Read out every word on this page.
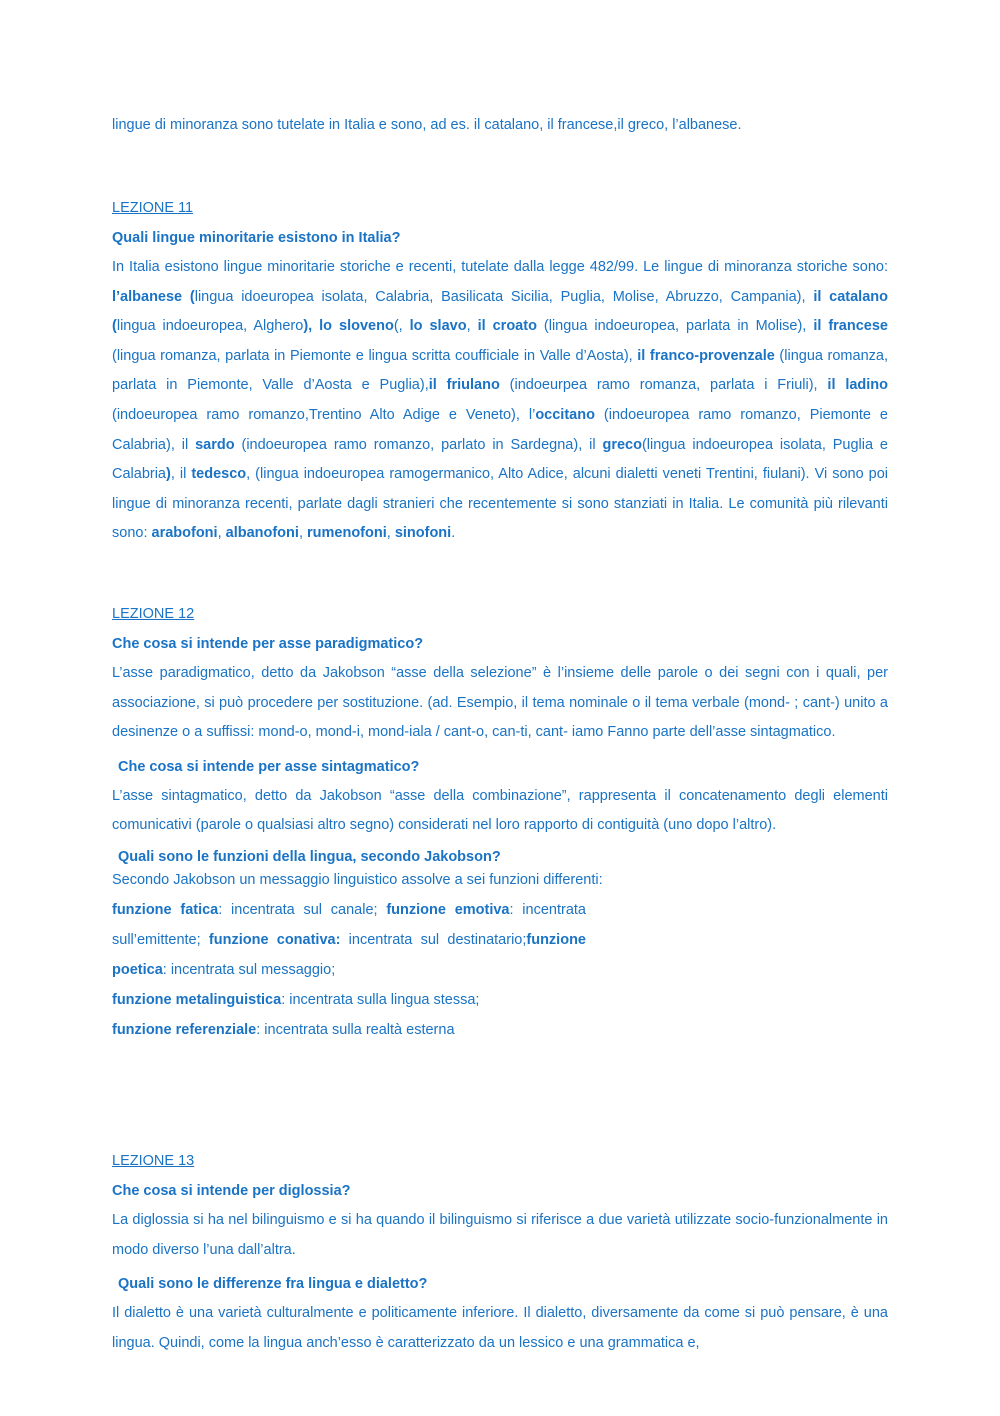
lingue di minoranza sono tutelate in Italia e sono, ad es. il catalano, il francese,il greco, l’albanese.

LEZIONE 11

Quali lingue minoritarie esistono in Italia?

In Italia esistono lingue minoritarie storiche e recenti, tutelate dalla legge 482/99. Le lingue di minoranza storiche sono: l’albanese (lingua idoeuropea isolata, Calabria, Basilicata Sicilia, Puglia, Molise, Abruzzo, Campania), il catalano (lingua indoeuropea, Alghero), lo sloveno(, lo slavo, il croato (lingua indoeuropea, parlata in Molise), il francese (lingua romanza, parlata in Piemonte e lingua scritta coufficiale in Valle d’Aosta), il franco-provenzale (lingua romanza, parlata in Piemonte, Valle d’Aosta e Puglia),il friulano (indoeurpea ramo romanza, parlata i Friuli), il ladino (indoeuropea ramo romanzo,Trentino Alto Adige e Veneto), l’occitano (indoeuropea ramo romanzo, Piemonte e Calabria), il sardo (indoeuropea ramo romanzo, parlato in Sardegna), il greco(lingua indoeuropea isolata, Puglia e Calabria), il tedesco, (lingua indoeuropea ramogermanico, Alto Adice, alcuni dialetti veneti Trentini, fiulani). Vi sono poi lingue di minoranza recenti, parlate dagli stranieri che recentemente si sono stanziati in Italia. Le comunità più rilevanti sono: arabofoni, albanofoni, rumenofoni, sinofoni.

LEZIONE 12

Che cosa si intende per asse paradigmatico?

L’asse paradigmatico, detto da Jakobson “asse della selezione” è l’insieme delle parole o dei segni con i quali, per associazione, si può procedere per sostituzione. (ad. Esempio, il tema nominale o il tema verbale (mond- ; cant-) unito a desinenze o a suffissi: mond-o, mond-i, mond-iala / cant-o, can-ti, cant- iamo Fanno parte dell’asse sintagmatico.

Che cosa si intende per asse sintagmatico?

L’asse sintagmatico, detto da Jakobson “asse della combinazione”, rappresenta il concatenamento degli elementi comunicativi (parole o qualsiasi altro segno) considerati nel loro rapporto di contiguità (uno dopo l’altro).

Quali sono le funzioni della lingua, secondo Jakobson?

Secondo Jakobson un messaggio linguistico assolve a sei funzioni differenti:

funzione fatica: incentrata sul canale; funzione emotiva: incentrata sull’emittente; funzione conativa: incentrata sul destinatario;funzione poetica: incentrata sul messaggio;
funzione metalinguistica: incentrata sulla lingua stessa;
funzione referenziale: incentrata sulla realtà esterna

LEZIONE 13

Che cosa si intende per diglossia?

La diglossia si ha nel bilinguismo e si ha quando il bilinguismo si riferisce a due varietà utilizzate socio-funzionalmente in modo diverso l’una dall’altra.

Quali sono le differenze fra lingua e dialetto?

Il dialetto è una varietà culturalmente e politicamente inferiore. Il dialetto, diversamente da come si può pensare, è una lingua. Quindi, come la lingua anch’esso è caratterizzato da un lessico e una grammatica e,
